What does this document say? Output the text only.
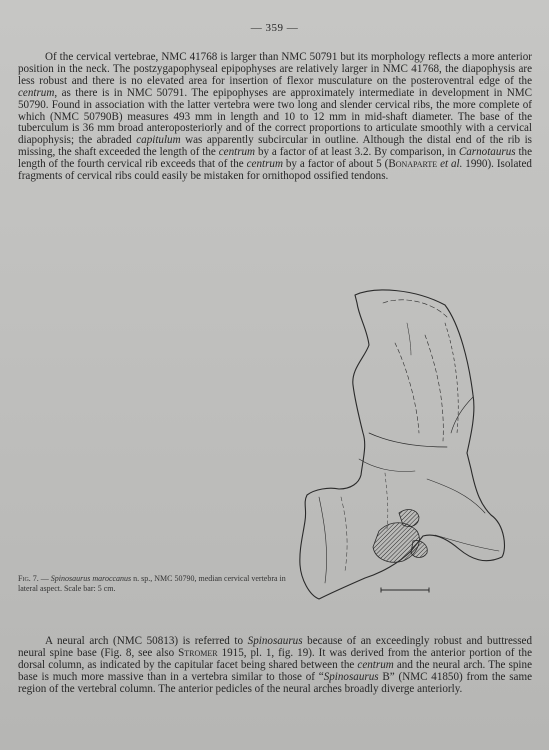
— 359 —

Of the cervical vertebrae, NMC 41768 is larger than NMC 50791 but its morphology reflects a more anterior position in the neck. The postzygapophyseal epipophyses are relatively larger in NMC 41768, the diapophysis are less robust and there is no elevated area for insertion of flexor musculature on the posteroventral edge of the centrum, as there is in NMC 50791. The epipophyses are approximately intermediate in development in NMC 50790. Found in association with the latter vertebra were two long and slender cervical ribs, the more complete of which (NMC 50790B) measures 493 mm in length and 10 to 12 mm in mid-shaft diameter. The base of the tuberculum is 36 mm broad anteroposteriorly and of the correct proportions to articulate smoothly with a cervical diapophysis; the abraded capitulum was apparently subcircular in outline. Although the distal end of the rib is missing, the shaft exceeded the length of the centrum by a factor of at least 3.2. By comparison, in Carnotaurus the length of the fourth cervical rib exceeds that of the centrum by a factor of about 5 (Bonaparte et al. 1990). Isolated fragments of cervical ribs could easily be mistaken for ornithopod ossified tendons.

Fig. 7. — Spinosaurus maroccanus n. sp., NMC 50790, median cervical vertebra in lateral aspect. Scale bar: 5 cm.

A neural arch (NMC 50813) is referred to Spinosaurus because of an exceedingly robust and buttressed neural spine base (Fig. 8, see also Stromer 1915, pl. 1, fig. 19). It was derived from the anterior portion of the dorsal column, as indicated by the capitular facet being shared between the centrum and the neural arch. The spine base is much more massive than in a vertebra similar to those of “Spinosaurus B” (NMC 41850) from the same region of the vertebral column. The anterior pedicles of the neural arches broadly diverge anteriorly.
